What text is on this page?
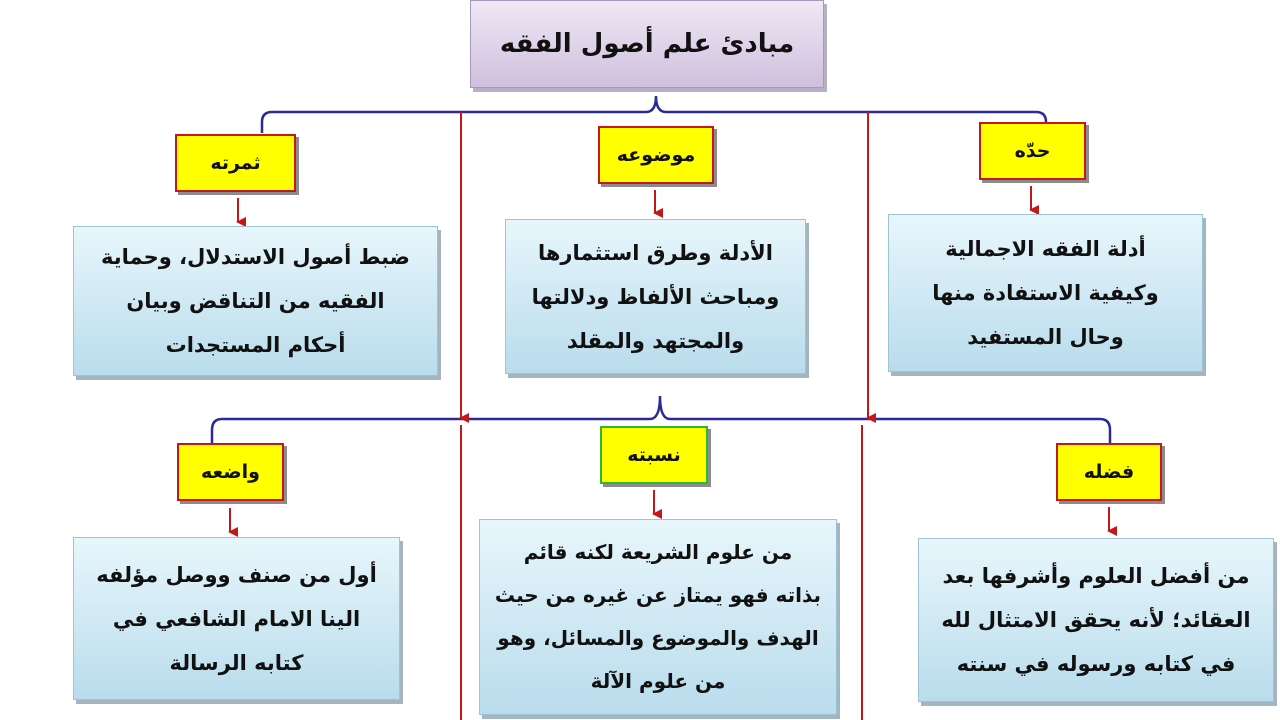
مبادئ علم أصول الفقه
ثمرته	موضوعه	حدّه
ضبط أصول الاستدلال، وحماية
الفقيه من التناقض وبيان
أحكام المستجدات
الأدلة وطرق استثمارها
ومباحث الألفاظ ودلالتها
والمجتهد والمقلد
أدلة الفقه الاجمالية
وكيفية الاستفادة منها
وحال المستفيد
واضعه
نسبته
فضله
أول من صنف ووصل مؤلفه
الينا الامام الشافعي في
كتابه الرسالة
من علوم الشريعة لكنه قائم
بذاته فهو يمتاز عن غيره من حيث
الهدف والموضوع والمسائل، وهو
من علوم الآلة
من أفضل العلوم وأشرفها بعد
العقائد؛ لأنه يحقق الامتثال لله
في كتابه ورسوله في سنته
